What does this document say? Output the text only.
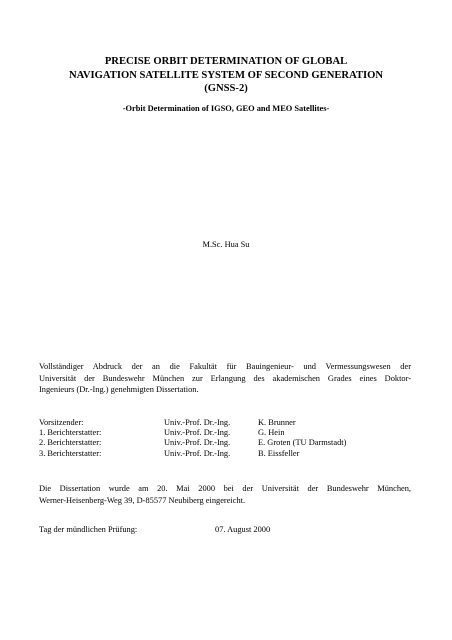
PRECISE ORBIT DETERMINATION OF GLOBAL
NAVIGATION SATELLITE SYSTEM OF SECOND GENERATION
(GNSS-2)
-Orbit Determination of IGSO, GEO and MEO Satellites-
M.Sc. Hua Su
Vollständiger Abdruck der an die Fakultät für Bauingenieur- und Vermessungswesen der
Universität der Bundeswehr München zur Erlangung des akademischen Grades eines Doktor-
Ingenieurs (Dr.-Ing.) genehmigten Dissertation.
Vorsitzender:	Univ.-Prof. Dr.-Ing.	K. Brunner
1. Berichterstatter:	Univ.-Prof. Dr.-Ing.	G. Hein
2. Berichterstatter:	Univ.-Prof. Dr.-Ing.	E. Groten (TU Darmstadt)
3. Berichterstatter:	Univ.-Prof. Dr.-Ing.	B. Eissfeller
Die Dissertation wurde am 20. Mai 2000 bei der Universität der Bundeswehr München,
Werner-Heisenberg-Weg 39, D-85577 Neubiberg eingereicht.
Tag der mündlichen Prüfung:	07. August 2000
